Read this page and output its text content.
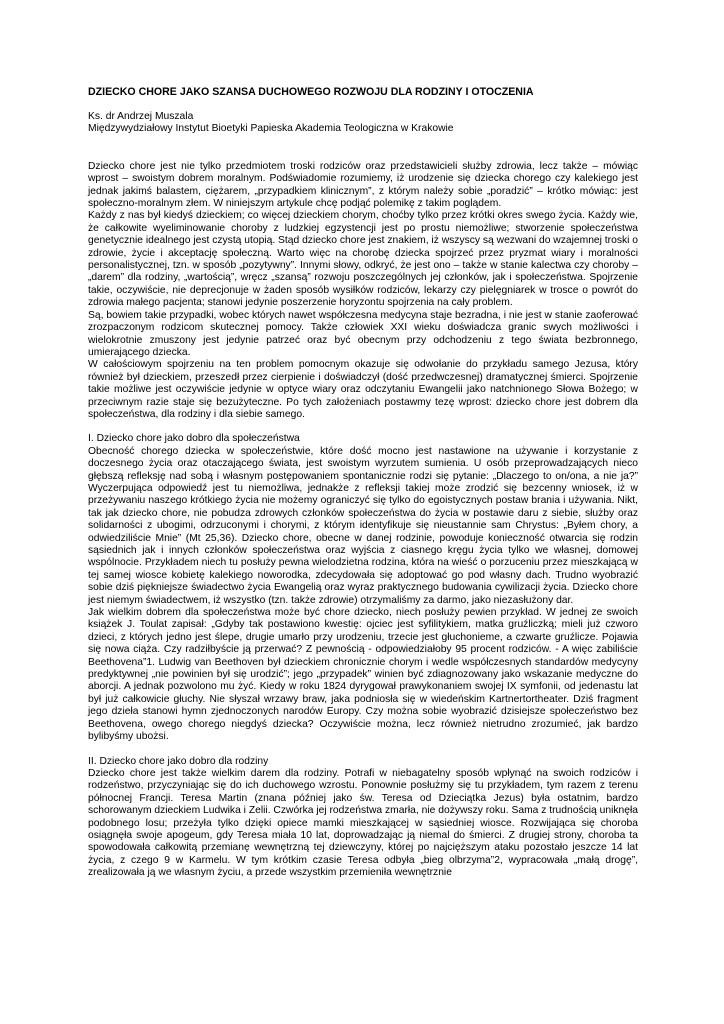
DZIECKO CHORE JAKO SZANSA DUCHOWEGO ROZWOJU DLA RODZINY I OTOCZENIA

Ks. dr Andrzej Muszala

Międzywydziałowy Instytut Bioetyki Papieska Akademia Teologiczna w Krakowie

Dziecko chore jest nie tylko przedmiotem troski rodziców oraz przedstawicieli służby zdrowia, lecz także – mówiąc wprost – swoistym dobrem moralnym. Podświadomie rozumiemy, iż urodzenie się dziecka chorego czy kalekiego jest jednak jakimś balastem, ciężarem, „przypadkiem klinicznym”, z którym należy sobie „poradzić” – krótko mówiąc: jest społeczno-moralnym złem. W niniejszym artykule chcę podjąć polemikę z takim poglądem.

Każdy z nas był kiedyś dzieckiem; co więcej dzieckiem chorym, choćby tylko przez krótki okres swego życia. Każdy wie, że całkowite wyeliminowanie choroby z ludzkiej egzystencji jest po prostu niemożliwe; stworzenie społeczeństwa genetycznie idealnego jest czystą utopią. Stąd dziecko chore jest znakiem, iż wszyscy są wezwani do wzajemnej troski o zdrowie, życie i akceptację społeczną. Warto więc na chorobę dziecka spojrzeć przez pryzmat wiary i moralności personalistycznej, tzn. w sposób „pozytywny”. Innymi słowy, odkryć, że jest ono – także w stanie kalectwa czy choroby – „darem” dla rodziny, „wartością”, wręcz „szansą” rozwoju poszczególnych jej członków, jak i społeczeństwa. Spojrzenie takie, oczywiście, nie deprecjonuje w żaden sposób wysiłków rodziców, lekarzy czy pielęgniarek w trosce o powrót do zdrowia małego pacjenta; stanowi jedynie poszerzenie horyzontu spojrzenia na cały problem.

Są, bowiem takie przypadki, wobec których nawet współczesna medycyna staje bezradna, i nie jest w stanie zaoferować zrozpaczonym rodzicom skutecznej pomocy. Także człowiek XXI wieku doświadcza granic swych możliwości i wielokrotnie zmuszony jest jedynie patrzeć oraz być obecnym przy odchodzeniu z tego świata bezbronnego, umierającego dziecka.

W całościowym spojrzeniu na ten problem pomocnym okazuje się odwołanie do przykładu samego Jezusa, który również był dzieckiem, przeszedł przez cierpienie i doświadczył (dość przedwczesnej) dramatycznej śmierci. Spojrzenie takie możliwe jest oczywiście jedynie w optyce wiary oraz odczytaniu Ewangelii jako natchnionego Słowa Bożego; w przeciwnym razie staje się bezużyteczne. Po tych założeniach postawmy tezę wprost: dziecko chore jest dobrem dla społeczeństwa, dla rodziny i dla siebie samego.

I. Dziecko chore jako dobro dla społeczeństwa

Obecność chorego dziecka w społeczeństwie, które dość mocno jest nastawione na używanie i korzystanie z doczesnego życia oraz otaczającego świata, jest swoistym wyrzutem sumienia. U osób przeprowadzających nieco głębszą refleksję nad sobą i własnym postępowaniem spontanicznie rodzi się pytanie: „Dlaczego to on/ona, a nie ja?” Wyczerpująca odpowiedź jest tu niemożliwa, jednakże z refleksji takiej może zrodzić się bezcenny wniosek, iż w przeżywaniu naszego krótkiego życia nie możemy ograniczyć się tylko do egoistycznych postaw brania i używania. Nikt, tak jak dziecko chore, nie pobudza zdrowych członków społeczeństwa do życia w postawie daru z siebie, służby oraz solidarności z ubogimi, odrzuconymi i chorymi, z którym identyfikuje się nieustannie sam Chrystus: „Byłem chory, a odwiedziliście Mnie” (Mt 25,36). Dziecko chore, obecne w danej rodzinie, powoduje konieczność otwarcia się rodzin sąsiednich jak i innych członków społeczeństwa oraz wyjścia z ciasnego kręgu życia tylko we własnej, domowej wspólnocie. Przykładem niech tu posłuży pewna wielodzietna rodzina, która na wieść o porzuceniu przez mieszkającą w tej samej wiosce kobietę kalekiego noworodka, zdecydowała się adoptować go pod własny dach. Trudno wyobrazić sobie dziś piękniejsze świadectwo życia Ewangelią oraz wyraz praktycznego budowania cywilizacji życia. Dziecko chore jest niemym świadectwem, iż wszystko (tzn. także zdrowie) otrzymaliśmy za darmo, jako niezasłużony dar.

Jak wielkim dobrem dla społeczeństwa może być chore dziecko, niech posłuży pewien przykład. W jednej ze swoich książek J. Toulat zapisał: „Gdyby tak postawiono kwestię: ojciec jest syfilitykiem, matka gruźliczką; mieli już czworo dzieci, z których jedno jest ślepe, drugie umarło przy urodzeniu, trzecie jest głuchonieme, a czwarte gruźlicze. Pojawia się nowa ciąża. Czy radziłbyście ją przerwać? Z pewnością - odpowiedziałoby 95 procent rodziców. - A więc zabiliście Beethovena”1. Ludwig van Beethoven był dzieckiem chronicznie chorym i wedle współczesnych standardów medycyny predyktywnej „nie powinien był się urodzić”; jego „przypadek” winien być zdiagnozowany jako wskazanie medyczne do aborcji. A jednak pozwolono mu żyć. Kiedy w roku 1824 dyrygował prawykonaniem swojej IX symfonii, od jedenastu lat był już całkowicie głuchy. Nie słyszał wrzawy braw, jaka podniosła się w wiedeńskim Kartnertortheater. Dziś fragment jego dzieła stanowi hymn zjednoczonych narodów Europy. Czy można sobie wyobrazić dzisiejsze społeczeństwo bez Beethovena, owego chorego niegdyś dziecka? Oczywiście można, lecz również nietrudno zrozumieć, jak bardzo bylibyśmy ubożsi.

II. Dziecko chore jako dobro dla rodziny

Dziecko chore jest także wielkim darem dla rodziny. Potrafi w niebagatelny sposób wpłynąć na swoich rodziców i rodzeństwo, przyczyniając się do ich duchowego wzrostu. Ponownie posłużmy się tu przykładem, tym razem z terenu północnej Francji. Teresa Martin (znana później jako św. Teresa od Dzieciątka Jezus) była ostatnim, bardzo schorowanym dzieckiem Ludwika i Zelii. Czwórka jej rodzeństwa zmarła, nie dożywszy roku. Sama z trudnością uniknęła podobnego losu; przeżyła tylko dzięki opiece mamki mieszkającej w sąsiedniej wiosce. Rozwijająca się choroba osiągnęła swoje apogeum, gdy Teresa miała 10 lat, doprowadzając ją niemal do śmierci. Z drugiej strony, choroba ta spowodowała całkowitą przemianę wewnętrzną tej dziewczyny, której po najcięższym ataku pozostało jeszcze 14 lat życia, z czego 9 w Karmelu. W tym krótkim czasie Teresa odbyła „bieg olbrzyma”2, wypracowała „małą drogę”, zrealizowała ją we własnym życiu, a przede wszystkim przemieniła wewnętrznie
